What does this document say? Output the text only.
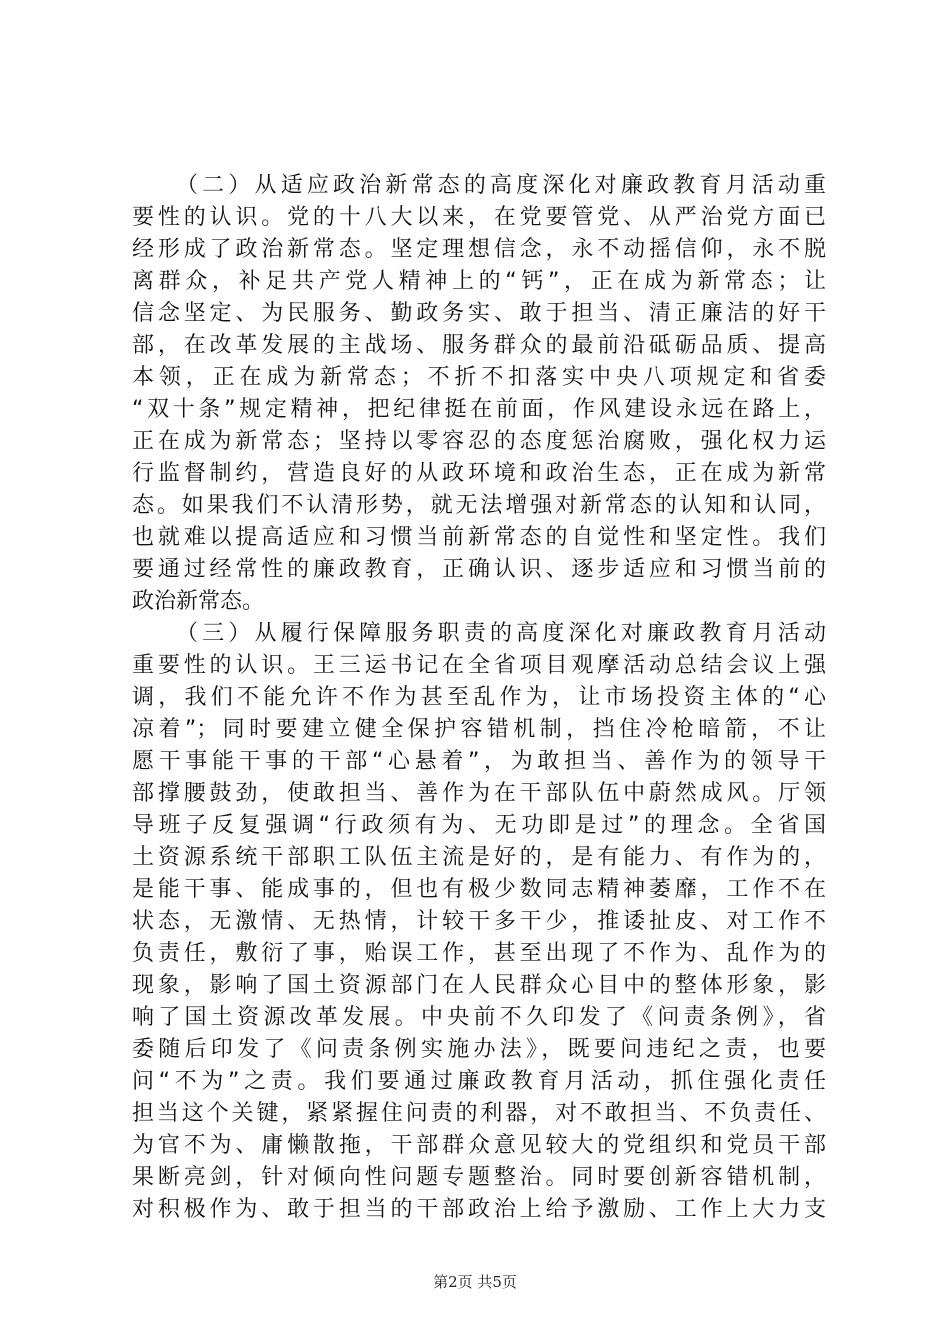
（二）从适应政治新常态的高度深化对廉政教育月活动重
要性的认识。党的十八大以来，在党要管党、从严治党方面已
经形成了政治新常态。坚定理想信念，永不动摇信仰，永不脱
离群众，补足共产党人精神上的“钙”，正在成为新常态；让
信念坚定、为民服务、勤政务实、敢于担当、清正廉洁的好干
部，在改革发展的主战场、服务群众的最前沿砥砺品质、提高
本领，正在成为新常态；不折不扣落实中央八项规定和省委
“双十条”规定精神，把纪律挺在前面，作风建设永远在路上，
正在成为新常态；坚持以零容忍的态度惩治腐败，强化权力运
行监督制约，营造良好的从政环境和政治生态，正在成为新常
态。如果我们不认清形势，就无法增强对新常态的认知和认同，
也就难以提高适应和习惯当前新常态的自觉性和坚定性。我们
要通过经常性的廉政教育，正确认识、逐步适应和习惯当前的
政治新常态。
（三）从履行保障服务职责的高度深化对廉政教育月活动
重要性的认识。王三运书记在全省项目观摩活动总结会议上强
调，我们不能允许不作为甚至乱作为，让市场投资主体的“心
凉着”；同时要建立健全保护容错机制，挡住冷枪暗箭，不让
愿干事能干事的干部“心悬着”，为敢担当、善作为的领导干
部撑腰鼓劲，使敢担当、善作为在干部队伍中蔚然成风。厅领
导班子反复强调“行政须有为、无功即是过”的理念。全省国
土资源系统干部职工队伍主流是好的，是有能力、有作为的，
是能干事、能成事的，但也有极少数同志精神萎靡，工作不在
状态，无激情、无热情，计较干多干少，推诿扯皮、对工作不
负责任，敷衍了事，贻误工作，甚至出现了不作为、乱作为的
现象，影响了国土资源部门在人民群众心目中的整体形象，影
响了国土资源改革发展。中央前不久印发了《问责条例》，省
委随后印发了《问责条例实施办法》，既要问违纪之责，也要
问“不为”之责。我们要通过廉政教育月活动，抓住强化责任
担当这个关键，紧紧握住问责的利器，对不敢担当、不负责任、
为官不为、庸懒散拖，干部群众意见较大的党组织和党员干部
果断亮剑，针对倾向性问题专题整治。同时要创新容错机制，
对积极作为、敢于担当的干部政治上给予激励、工作上大力支
第2页 共5页
